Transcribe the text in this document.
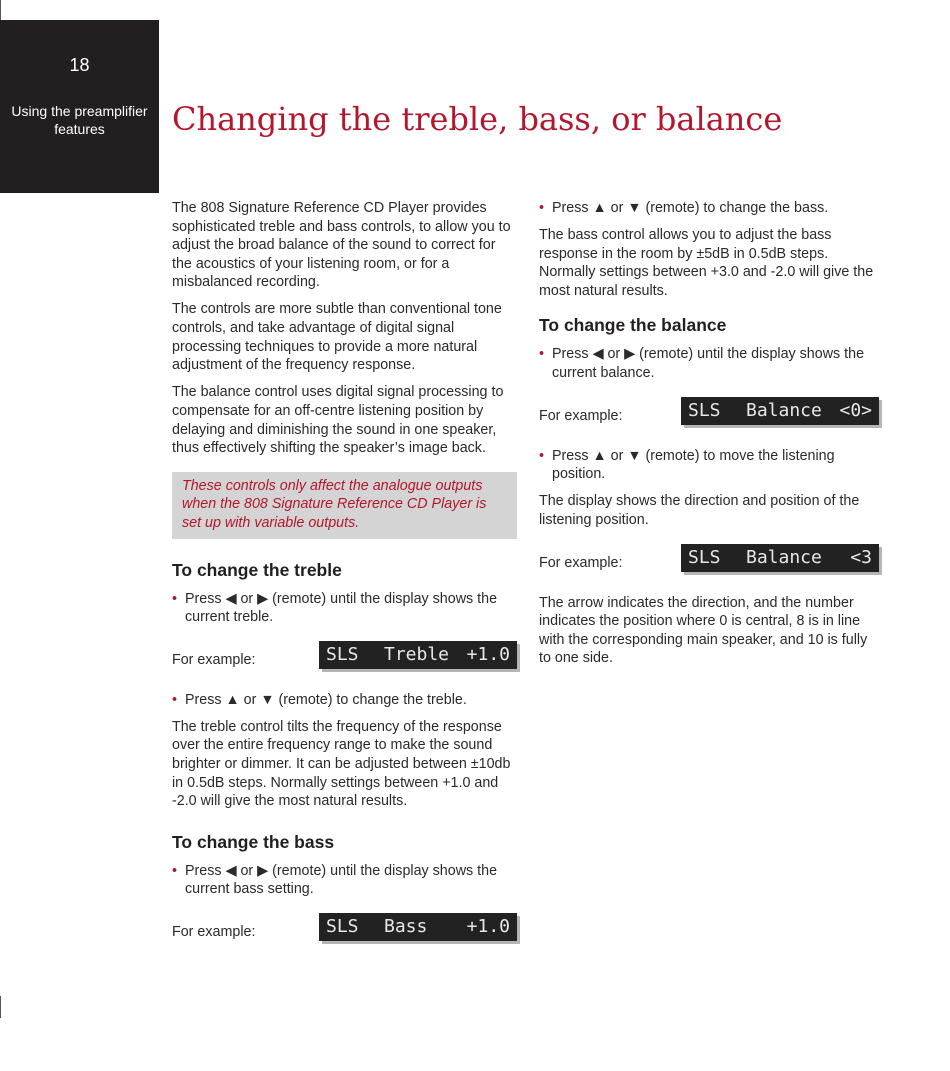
18
Using the preamplifier features	Changing the treble, bass, or balance

The 808 Signature Reference CD Player provides sophisticated treble and bass controls, to allow you to adjust the broad balance of the sound to correct for the acoustics of your listening room, or for a misbalanced recording.

The controls are more subtle than conventional tone controls, and take advantage of digital signal processing techniques to provide a more natural adjustment of the frequency response.

The balance control uses digital signal processing to compensate for an off-centre listening position by delaying and diminishing the sound in one speaker, thus effectively shifting the speaker’s image back.

These controls only affect the analogue outputs when the 808 Signature Reference CD Player is set up with variable outputs.
To change the treble
• Press ◀ or ▶ (remote) until the display shows the current treble.
For example:	SLS Treble +1.0
• Press ▲ or ▼ (remote) to change the treble.

The treble control tilts the frequency of the response over the entire frequency range to make the sound brighter or dimmer. It can be adjusted between ±10db in 0.5dB steps. Normally settings between +1.0 and -2.0 will give the most natural results.

To change the bass
• Press ◀ or ▶ (remote) until the display shows the current bass setting.
For example:	SLS Bass +1.0
• Press ▲ or ▼ (remote) to change the bass.

The bass control allows you to adjust the bass response in the room by ±5dB in 0.5dB steps. Normally settings between +3.0 and -2.0 will give the most natural results.

To change the balance
• Press ◀ or ▶ (remote) until the display shows the current balance.
For example:	SLS Balance <0>
• Press ▲ or ▼ (remote) to move the listening position.

The display shows the direction and position of the listening position.

For example:	SLS Balance <3

The arrow indicates the direction, and the number indicates the position where 0 is central, 8 is in line with the corresponding main speaker, and 10 is fully to one side.
